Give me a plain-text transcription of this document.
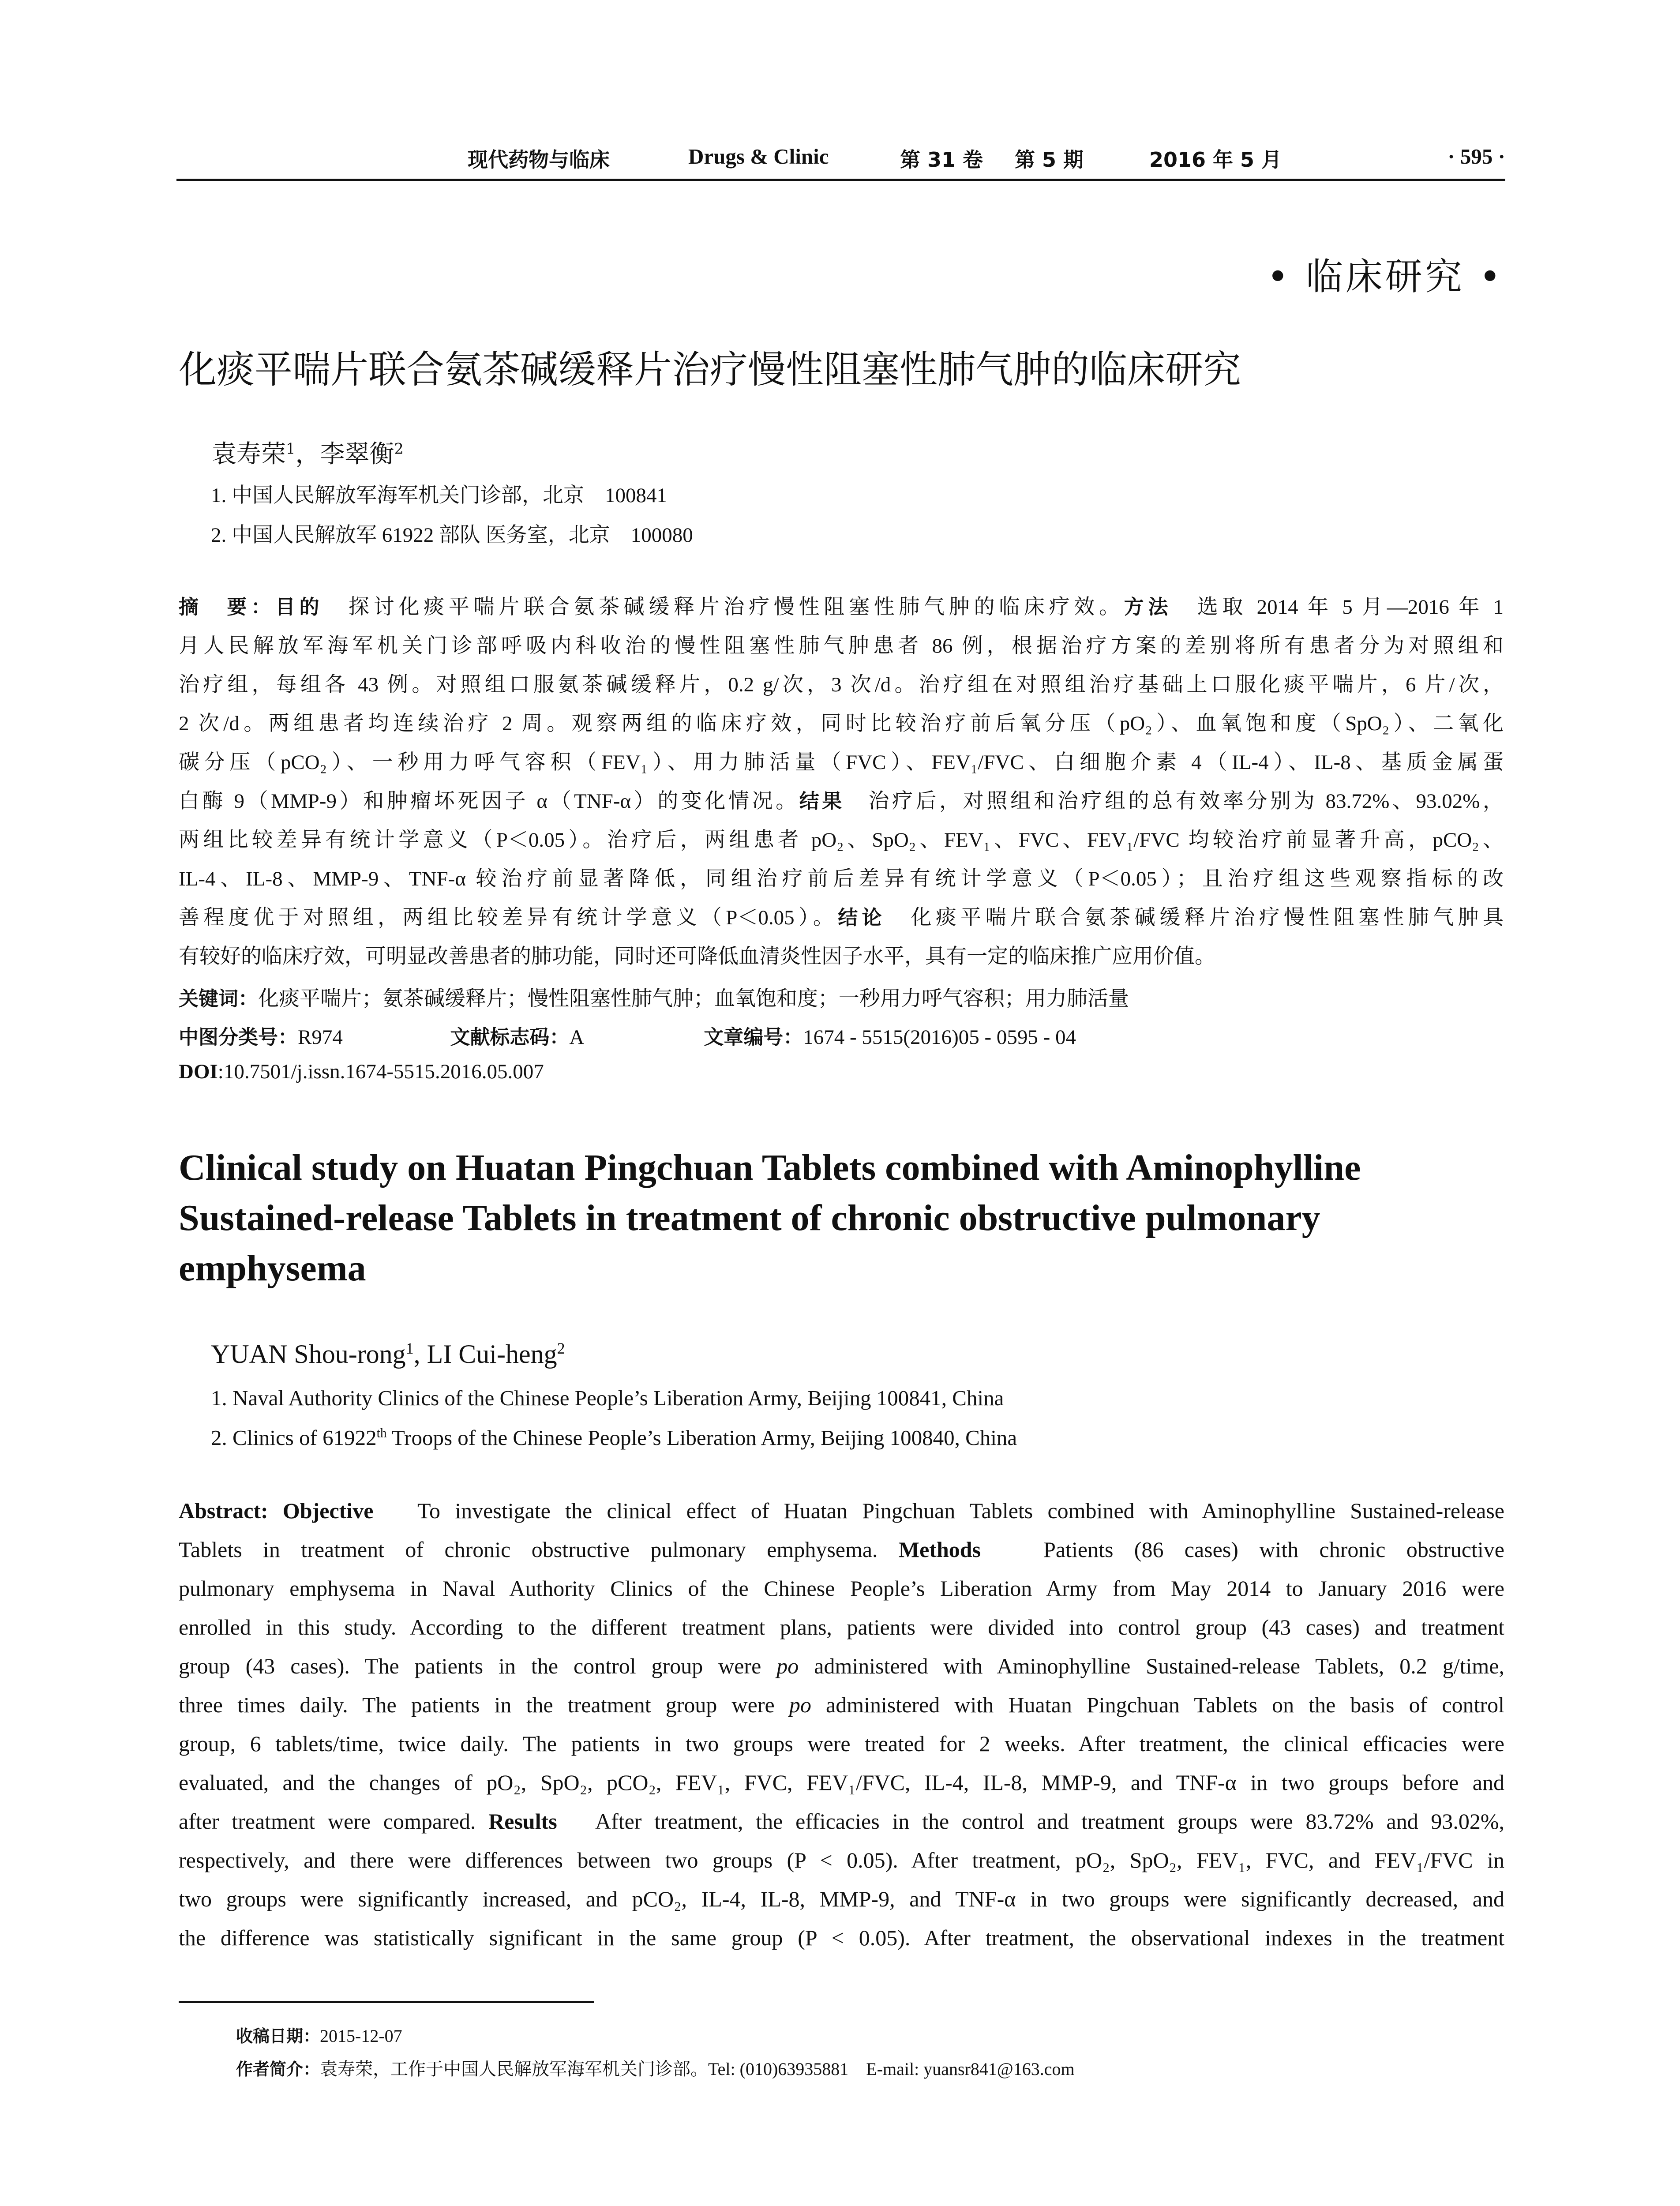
现代药物与临床	Drugs & Clinic	第 31 卷 第 5 期	2016 年 5 月	· 595 ·
• 临床研究 •
化痰平喘片联合氨茶碱缓释片治疗慢性阻塞性肺气肿的临床研究
袁寿荣$^1$，李翠衡$^2$
1. 中国人民解放军海军机关门诊部，北京　100841
2. 中国人民解放军 61922 部队 医务室，北京　100080
摘　要：目的　 探讨化痰平喘片联合氨茶碱缓释片治疗慢性阻塞性肺气肿的临床疗效。方法　 选取 2014 年 5 月—2016 年 1
月人民解放军海军机关门诊部呼吸内科收治的慢性阻塞性肺气肿患者 86 例，根据治疗方案的差别将所有患者分为对照组和
治疗组，每组各 43 例。对照组口服氨茶碱缓释片，0.2 g/次，3 次/d。治疗组在对照组治疗基础上口服化痰平喘片，6 片/次，
2 次/d。两组患者均连续治疗 2 周。观察两组的临床疗效，同时比较治疗前后氧分压（pO₂）、血氧饱和度（SpO₂）、二氧化
碳分压（pCO₂）、一秒用力呼气容积（FEV₁）、用力肺活量（FVC）、FEV₁/FVC、白细胞介素 4（IL-4）、IL-8、基质金属蛋
白酶 9（MMP-9）和肿瘤坏死因子 α（TNF-α）的变化情况。结果　 治疗后，对照组和治疗组的总有效率分别为 83.72%、93.02%，
两组比较差异有统计学意义（P＜0.05）。治疗后，两组患者 pO₂、SpO₂、FEV₁、FVC、FEV₁/FVC 均较治疗前显著升高，pCO₂、
IL-4、IL-8、MMP-9、TNF-α 较治疗前显著降低，同组治疗前后差异有统计学意义（P＜0.05）；且治疗组这些观察指标的改
善程度优于对照组，两组比较差异有统计学意义（P＜0.05）。结论　 化痰平喘片联合氨茶碱缓释片治疗慢性阻塞性肺气肿具
有较好的临床疗效，可明显改善患者的肺功能，同时还可降低血清炎性因子水平，具有一定的临床推广应用价值。
关键词：化痰平喘片；氨茶碱缓释片；慢性阻塞性肺气肿；血氧饱和度；一秒用力呼气容积；用力肺活量
中图分类号：R974	文献标志码：A	文章编号：1674 - 5515(2016)05 - 0595 - 04
DOI:10.7501/j.issn.1674-5515.2016.05.007
Clinical study on Huatan Pingchuan Tablets combined with Aminophylline Sustained-release Tablets in treatment of chronic obstructive pulmonary emphysema
YUAN Shou-rong$^1$, LI Cui-heng$^2$
1. Naval Authority Clinics of the Chinese People’s Liberation Army, Beijing 100841, China
2. Clinics of 61922th Troops of the Chinese People’s Liberation Army, Beijing 100840, China
Abstract: Objective To investigate the clinical effect of Huatan Pingchuan Tablets combined with Aminophylline Sustained-release
Tablets in treatment of chronic obstructive pulmonary emphysema. Methods	Patients (86 cases) with chronic obstructive
pulmonary emphysema in Naval Authority Clinics of the Chinese People’s Liberation Army from May 2014 to January 2016 were
enrolled in this study. According to the different treatment plans, patients were divided into control group (43 cases) and treatment
group (43 cases). The patients in the control group were po administered with Aminophylline Sustained-release Tablets, 0.2 g/time,
three times daily. The patients in the treatment group were po administered with Huatan Pingchuan Tablets on the basis of control
group, 6 tablets/time, twice daily. The patients in two groups were treated for 2 weeks. After treatment, the clinical efficacies were
evaluated, and the changes of pO₂, SpO₂, pCO₂, FEV₁, FVC, FEV₁/FVC, IL-4, IL-8, MMP-9, and TNF-α in two groups before and
after treatment were compared. Results After treatment, the efficacies in the control and treatment groups were 83.72% and 93.02%,
respectively, and there were differences between two groups (P < 0.05). After treatment, pO₂, SpO₂, FEV₁, FVC, and FEV₁/FVC in
two groups were significantly increased, and pCO₂, IL-4, IL-8, MMP-9, and TNF-α in two groups were significantly decreased, and
the difference was statistically significant in the same group (P < 0.05). After treatment, the observational indexes in the treatment
收稿日期：2015-12-07
作者简介：袁寿荣，工作于中国人民解放军海军机关门诊部。Tel: (010)63935881　E-mail: yuansr841@163.com
